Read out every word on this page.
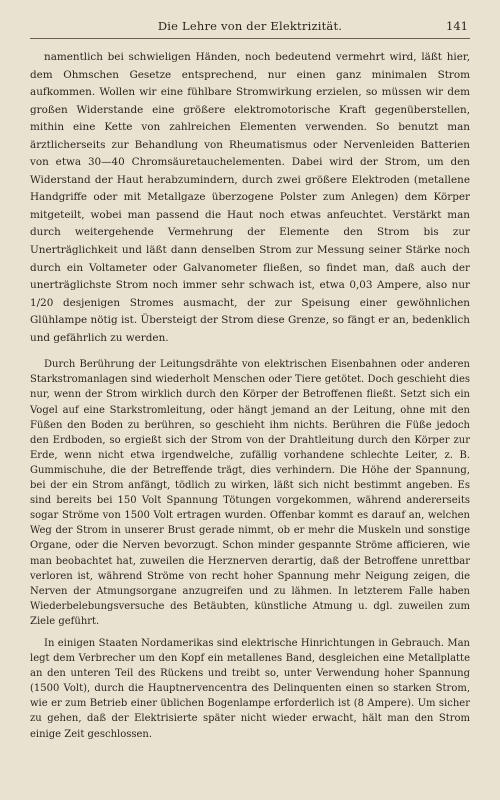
Die Lehre von der Elektrizität.	141

namentlich bei schwieligen Händen, noch bedeutend vermehrt wird, läßt hier, dem Ohmschen Gesetze entsprechend, nur einen ganz minimalen Strom aufkommen. Wollen wir eine fühlbare Stromwirkung erzielen, so müssen wir dem großen Widerstande eine größere elektromotorische Kraft gegenüberstellen, mithin eine Kette von zahlreichen Elementen verwenden. So benutzt man ärztlicherseits zur Behandlung von Rheumatismus oder Nervenleiden Batterien von etwa 30—40 Chromsäuretauchelementen. Dabei wird der Strom, um den Widerstand der Haut herabzumindern, durch zwei größere Elektroden (metallene Handgriffe oder mit Metallgaze überzogene Polster zum Anlegen) dem Körper mitgeteilt, wobei man passend die Haut noch etwas anfeuchtet. Verstärkt man durch weitergehende Vermehrung der Elemente den Strom bis zur Unerträglichkeit und läßt dann denselben Strom zur Messung seiner Stärke noch durch ein Voltameter oder Galvanometer fließen, so findet man, daß auch der unerträglichste Strom noch immer sehr schwach ist, etwa 0,03 Ampere, also nur 1/20 desjenigen Stromes ausmacht, der zur Speisung einer gewöhnlichen Glühlampe nötig ist. Übersteigt der Strom diese Grenze, so fängt er an, bedenklich und gefährlich zu werden.

Durch Berührung der Leitungsdrähte von elektrischen Eisenbahnen oder anderen Starkstromanlagen sind wiederholt Menschen oder Tiere getötet. Doch geschieht dies nur, wenn der Strom wirklich durch den Körper der Betroffenen fließt. Setzt sich ein Vogel auf eine Starkstromleitung, oder hängt jemand an der Leitung, ohne mit den Füßen den Boden zu berühren, so geschieht ihm nichts. Berühren die Füße jedoch den Erdboden, so ergießt sich der Strom von der Drahtleitung durch den Körper zur Erde, wenn nicht etwa irgendwelche, zufällig vorhandene schlechte Leiter, z. B. Gummischuhe, die der Betreffende trägt, dies verhindern. Die Höhe der Spannung, bei der ein Strom anfängt, tödlich zu wirken, läßt sich nicht bestimmt angeben. Es sind bereits bei 150 Volt Spannung Tötungen vorgekommen, während andererseits sogar Ströme von 1500 Volt ertragen wurden. Offenbar kommt es darauf an, welchen Weg der Strom in unserer Brust gerade nimmt, ob er mehr die Muskeln und sonstige Organe, oder die Nerven bevorzugt. Schon minder gespannte Ströme afficieren, wie man beobachtet hat, zuweilen die Herznerven derartig, daß der Betroffene unrettbar verloren ist, während Ströme von recht hoher Spannung mehr Neigung zeigen, die Nerven der Atmungsorgane anzugreifen und zu lähmen. In letzterem Falle haben Wiederbelebungsversuche des Betäubten, künstliche Atmung u. dgl. zuweilen zum Ziele geführt.

In einigen Staaten Nordamerikas sind elektrische Hinrichtungen in Gebrauch. Man legt dem Verbrecher um den Kopf ein metallenes Band, desgleichen eine Metallplatte an den unteren Teil des Rückens und treibt so, unter Verwendung hoher Spannung (1500 Volt), durch die Hauptnervencentra des Delinquenten einen so starken Strom, wie er zum Betrieb einer üblichen Bogenlampe erforderlich ist (8 Ampere). Um sicher zu gehen, daß der Elektrisierte später nicht wieder erwacht, hält man den Strom einige Zeit geschlossen.
